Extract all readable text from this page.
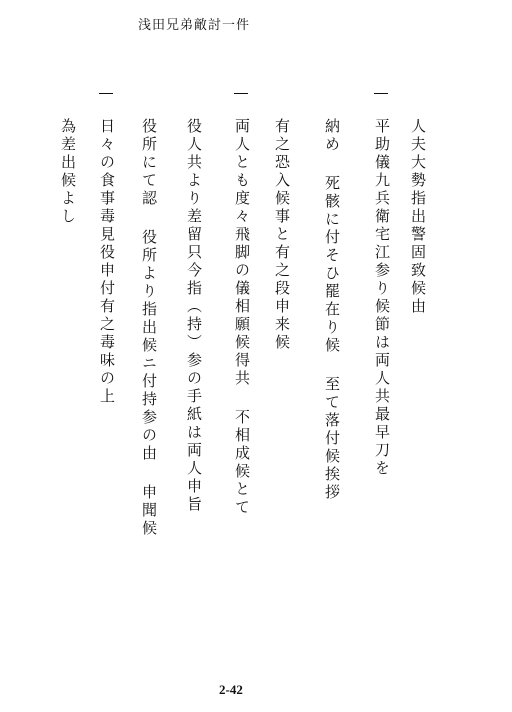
浅田兄弟敵討一件
人夫大勢指出警固致候由
平助儀九兵衛宅江参り候節は両人共最早刀を
納め 死骸に付そひ罷在り候 至て落付候挨拶
有之恐入候事と有之段申来候
両人とも度々飛脚の儀相願候得共 不相成候とて
役人共より差留只今指（持）参の手紙は両人申旨
役所にて認 役所より指出候ニ付持参の由 申聞候
日々の食事毒見役申付有之毒味の上
為差出候よし
2-42
